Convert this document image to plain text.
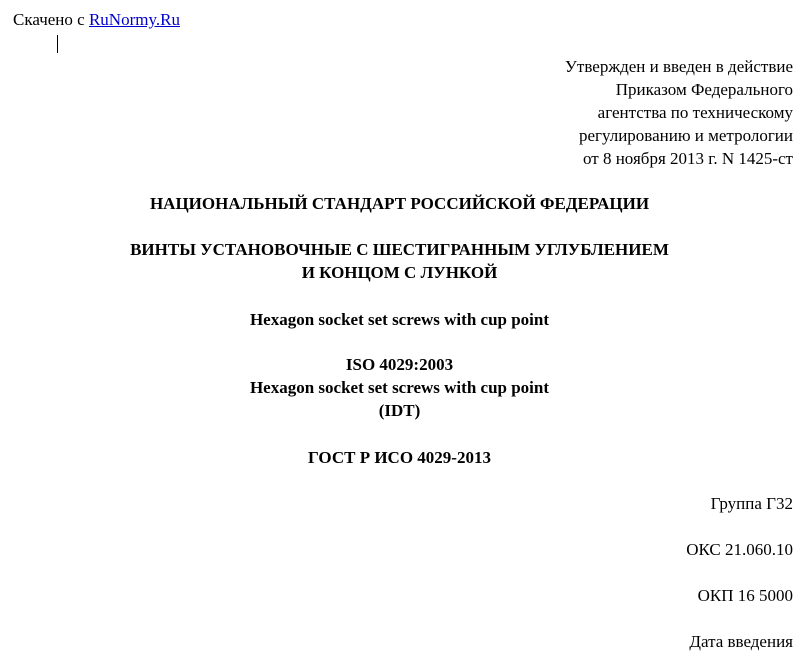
Скачено с RuNormy.Ru
Утвержден и введен в действие
Приказом Федерального
агентства по техническому
регулированию и метрологии
от 8 ноября 2013 г. N 1425-ст
НАЦИОНАЛЬНЫЙ СТАНДАРТ РОССИЙСКОЙ ФЕДЕРАЦИИ
ВИНТЫ УСТАНОВОЧНЫЕ С ШЕСТИГРАННЫМ УГЛУБЛЕНИЕМ
И КОНЦОМ С ЛУНКОЙ
Hexagon socket set screws with cup point
ISO 4029:2003
Hexagon socket set screws with cup point
(IDT)
ГОСТ Р ИСО 4029-2013
Группа Г32
ОКС 21.060.10
ОКП 16 5000
Дата введения
